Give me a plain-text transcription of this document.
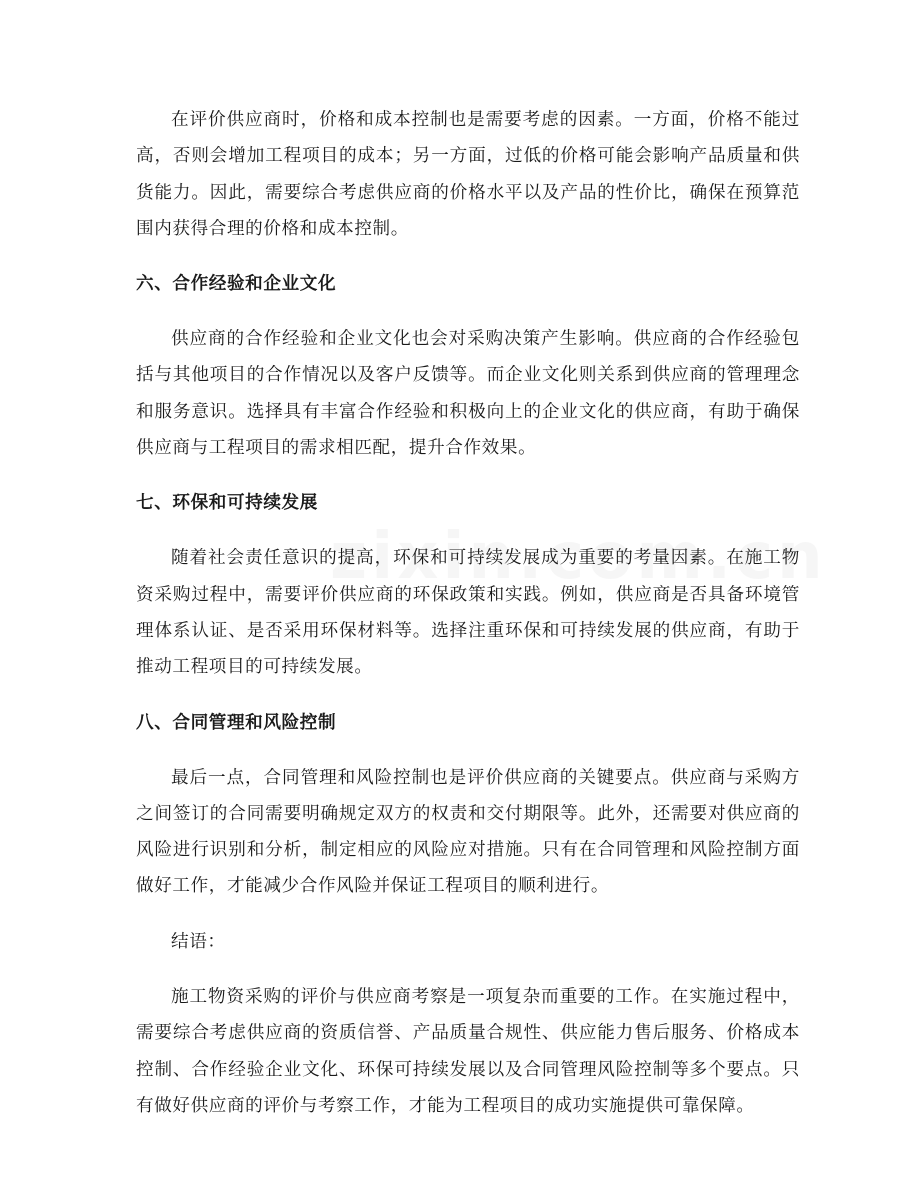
在评价供应商时，价格和成本控制也是需要考虑的因素。一方面，价格不能过高，否则会增加工程项目的成本；另一方面，过低的价格可能会影响产品质量和供货能力。因此，需要综合考虑供应商的价格水平以及产品的性价比，确保在预算范围内获得合理的价格和成本控制。

六、合作经验和企业文化

供应商的合作经验和企业文化也会对采购决策产生影响。供应商的合作经验包括与其他项目的合作情况以及客户反馈等。而企业文化则关系到供应商的管理理念和服务意识。选择具有丰富合作经验和积极向上的企业文化的供应商，有助于确保供应商与工程项目的需求相匹配，提升合作效果。

七、环保和可持续发展

随着社会责任意识的提高，环保和可持续发展成为重要的考量因素。在施工物资采购过程中，需要评价供应商的环保政策和实践。例如，供应商是否具备环境管理体系认证、是否采用环保材料等。选择注重环保和可持续发展的供应商，有助于推动工程项目的可持续发展。

八、合同管理和风险控制

最后一点，合同管理和风险控制也是评价供应商的关键要点。供应商与采购方之间签订的合同需要明确规定双方的权责和交付期限等。此外，还需要对供应商的风险进行识别和分析，制定相应的风险应对措施。只有在合同管理和风险控制方面做好工作，才能减少合作风险并保证工程项目的顺利进行。

结语：

施工物资采购的评价与供应商考察是一项复杂而重要的工作。在实施过程中，需要综合考虑供应商的资质信誉、产品质量合规性、供应能力售后服务、价格成本控制、合作经验企业文化、环保可持续发展以及合同管理风险控制等多个要点。只有做好供应商的评价与考察工作，才能为工程项目的成功实施提供可靠保障。
